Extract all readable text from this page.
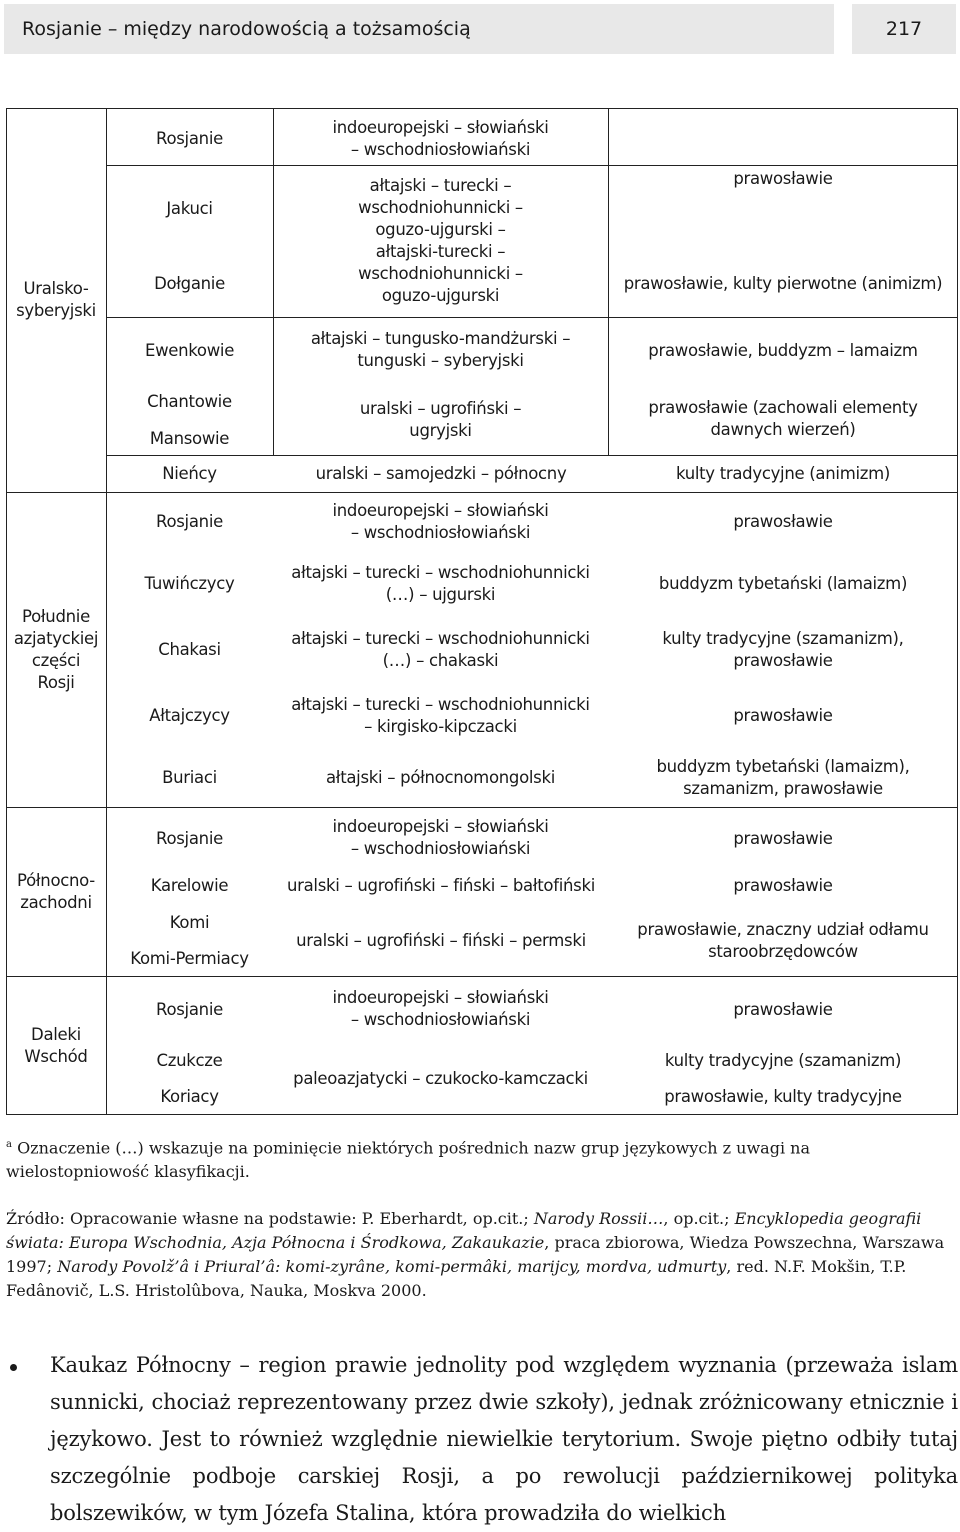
Rosjanie – między narodowością a tożsamością	217
Uralsko-
syberyjski
Południe
azjatyckiej
części
Rosji
Północno-
zachodni
Daleki
Wschód
Rosjanie
Jakuci
Dołganie
Ewenkowie
Chantowie
Mansowie
Nieńcy
Rosjanie
Tuwińczycy
Chakasi
Ałtajczycy
Buriaci
Rosjanie
Karelowie
Komi
Komi-Permiacy
Rosjanie
Czukcze
Koriacy
indoeuropejski – słowiański
– wschodniosłowiański
ałtajski – turecki –
wschodniohunnicki –
oguzo-ujgurski –
ałtajski-turecki –
wschodniohunnicki –
oguzo-ujgurski
ałtajski – tungusko-mandżurski –
tunguski – syberyjski
uralski – ugrofiński –
ugryjski
uralski – samojedzki – północny
indoeuropejski – słowiański
– wschodniosłowiański
ałtajski – turecki – wschodniohunnicki
(…) – ujgurski
ałtajski – turecki – wschodniohunnicki
(…) – chakaski
ałtajski – turecki – wschodniohunnicki
– kirgisko-kipczacki
ałtajski – północnomongolski
indoeuropejski – słowiański
– wschodniosłowiański
uralski – ugrofiński – fiński – bałtofiński
uralski – ugrofiński – fiński – permski
indoeuropejski – słowiański
– wschodniosłowiański
paleoazjatycki – czukocko-kamczacki
prawosławie
prawosławie, kulty pierwotne (animizm)
prawosławie, buddyzm – lamaizm
prawosławie (zachowali elementy
dawnych wierzeń)
kulty tradycyjne (animizm)
prawosławie
buddyzm tybetański (lamaizm)
kulty tradycyjne (szamanizm),
prawosławie
prawosławie
buddyzm tybetański (lamaizm),
szamanizm, prawosławie
prawosławie
prawosławie
prawosławie, znaczny udział odłamu
staroobrzędowców
prawosławie
kulty tradycyjne (szamanizm)
prawosławie, kulty tradycyjne
$^a$ Oznaczenie (…) wskazuje na pominięcie niektórych pośrednich nazw grup językowych z uwagi na wielostopniowość klasyfikacji.
Źródło: Opracowanie własne na podstawie: P. Eberhardt, op.cit.; Narody Rossii…, op.cit.; Encyklopedia geografii świata: Europa Wschodnia, Azja Północna i Środkowa, Zakaukazie, praca zbiorowa, Wiedza Powszechna, Warszawa 1997; Narody Povolž’â i Priural’â: komi-zyrâne, komi-permâki, marijcy, mordva, udmurty, red. N.F. Mokšin, T.P. Fedânovič, L.S. Hristolûbova, Nauka, Moskva 2000.
Kaukaz Północny – region prawie jednolity pod względem wyznania (przeważa islam sunnicki, chociaż reprezentowany przez dwie szkoły), jednak zróżnicowany etnicznie i językowo. Jest to również względnie niewielkie terytorium. Swoje piętno odbiły tutaj szczególnie podboje carskiej Rosji, a po rewolucji październikowej polityka bolszewików, w tym Józefa Stalina, która prowadziła do wielkich
